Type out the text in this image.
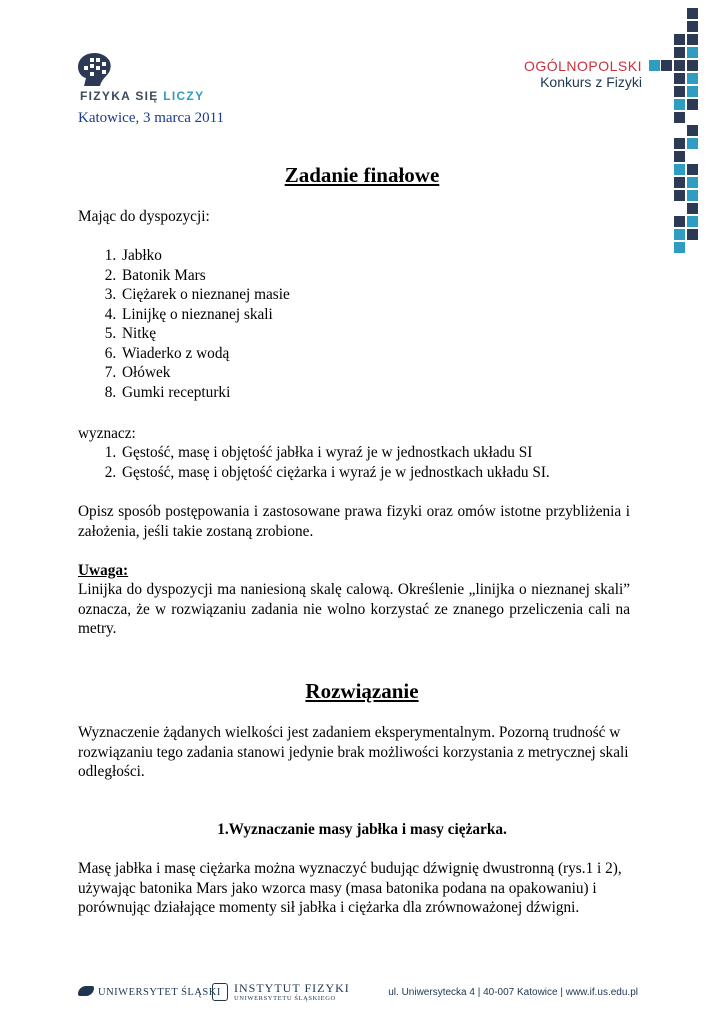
FIZYKA SIĘ LICZY
OGÓLNOPOLSKI
Konkurs z Fizyki
Katowice, 3 marca 2011
Zadanie finałowe
Mając do dyspozycji:
1. Jabłko
2. Batonik Mars
3. Ciężarek o nieznanej masie
4. Linijkę o nieznanej skali
5. Nitkę
6. Wiaderko z wodą
7. Ołówek
8. Gumki recepturki
wyznacz:
1. Gęstość, masę i objętość jabłka i wyraź je w jednostkach układu SI
2. Gęstość, masę i objętość ciężarka i wyraź je w jednostkach układu SI.
Opisz sposób postępowania i zastosowane prawa fizyki oraz omów istotne przybliżenia i założenia, jeśli takie zostaną zrobione.
Uwaga:
Linijka do dyspozycji ma naniesioną skalę calową. Określenie „linijka o nieznanej skali” oznacza, że w rozwiązaniu zadania nie wolno korzystać ze znanego przeliczenia cali na metry.
Rozwiązanie
Wyznaczenie żądanych wielkości jest zadaniem eksperymentalnym. Pozorną trudność w rozwiązaniu tego zadania stanowi jedynie brak możliwości korzystania z metrycznej skali odległości.
1.Wyznaczanie masy jabłka i masy ciężarka.
Masę jabłka i masę ciężarka można wyznaczyć budując dźwignię dwustronną (rys.1 i 2), używając batonika Mars jako wzorca masy (masa batonika podana na opakowaniu) i porównując działające momenty sił jabłka i ciężarka dla zrównoważonej dźwigni.
UNIWERSYTET ŚLĄSKI INSTYTUT FIZYKI
UNIWERSYTETU ŚLĄSKIEGO
ul. Uniwersytecka 4 | 40-007 Katowice | www.if.us.edu.pl
